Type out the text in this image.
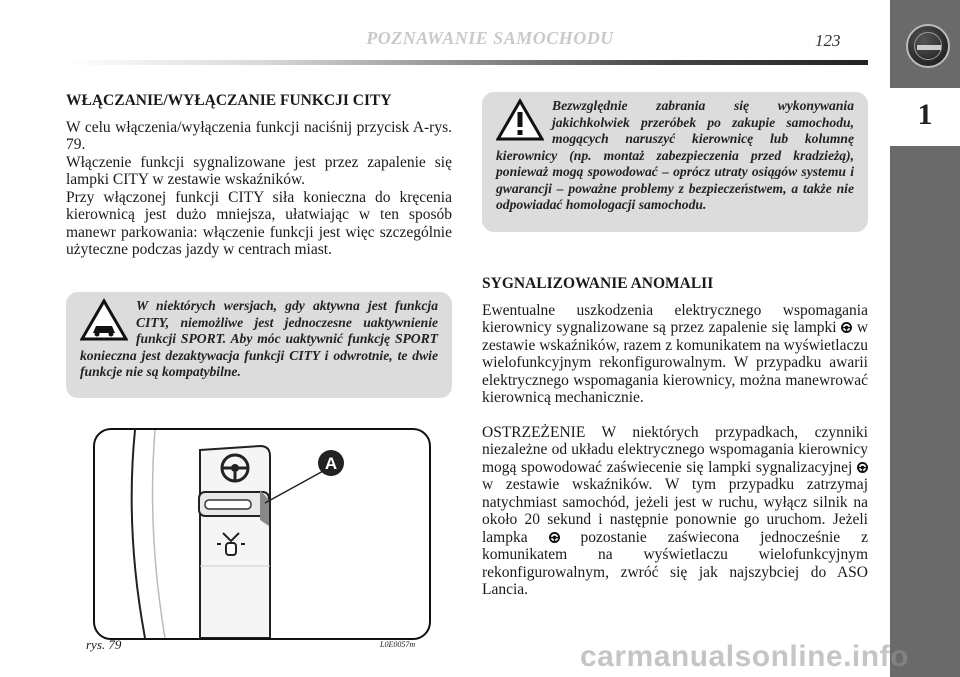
POZNAWANIE SAMOCHODU	123
1

WŁĄCZANIE/WYŁĄCZANIE FUNKCJI CITY

W celu włączenia/wyłączenia funkcji naciśnij przycisk A-rys. 79.

Włączenie funkcji sygnalizowane jest przez zapalenie się lampki CITY w zestawie wskaźników.

Przy włączonej funkcji CITY siła konieczna do kręcenia kierownicą jest dużo mniejsza, ułatwiając w ten sposób manewr parkowania: włączenie funkcji jest więc szczególnie użyteczne podczas jazdy w centrach miast.

W niektórych wersjach, gdy aktywna jest funkcja CITY, niemożliwe jest jednoczesne uaktywnienie funkcji SPORT. Aby móc uaktywnić funkcję SPORT konieczna jest dezaktywacja funkcji CITY i odwrotnie, te dwie funkcje nie są kompatybilne.
A
rys. 79	L0E0057m
Bezwzględnie zabrania się wykonywania jakichkolwiek przeróbek po zakupie samochodu, mogących naruszyć kierownicę lub kolumnę kierownicy (np. montaż zabezpieczenia przed kradzieżą), ponieważ mogą spowodować – oprócz utraty osiągów systemu i gwarancji – poważne problemy z bezpieczeństwem, a także nie odpowiadać homologacji samochodu.

SYGNALIZOWANIE ANOMALII

Ewentualne uszkodzenia elektrycznego wspomagania kierownicy sygnalizowane są przez zapalenie się lampki w zestawie wskaźników, razem z komunikatem na wyświetlaczu wielofunkcyjnym rekonfigurowalnym. W przypadku awarii elektrycznego wspomagania kierownicy, można manewrować kierownicą mechanicznie.

OSTRZEŻENIE W niektórych przypadkach, czynniki niezależne od układu elektrycznego wspomagania kierownicy mogą spowodować zaświecenie się lampki sygnalizacyjnej  w zestawie wskaźników. W tym przypadku zatrzymaj natychmiast samochód, jeżeli jest w ruchu, wyłącz silnik na około 20 sekund i następnie ponownie go uruchom. Jeżeli lampka	pozostanie zaświecona jednocześnie z komunikatem na wyświetlaczu wielofunkcyjnym rekonfigurowalnym, zwróć się jak najszybciej do ASO Lancia.

carmanualsonline.info
